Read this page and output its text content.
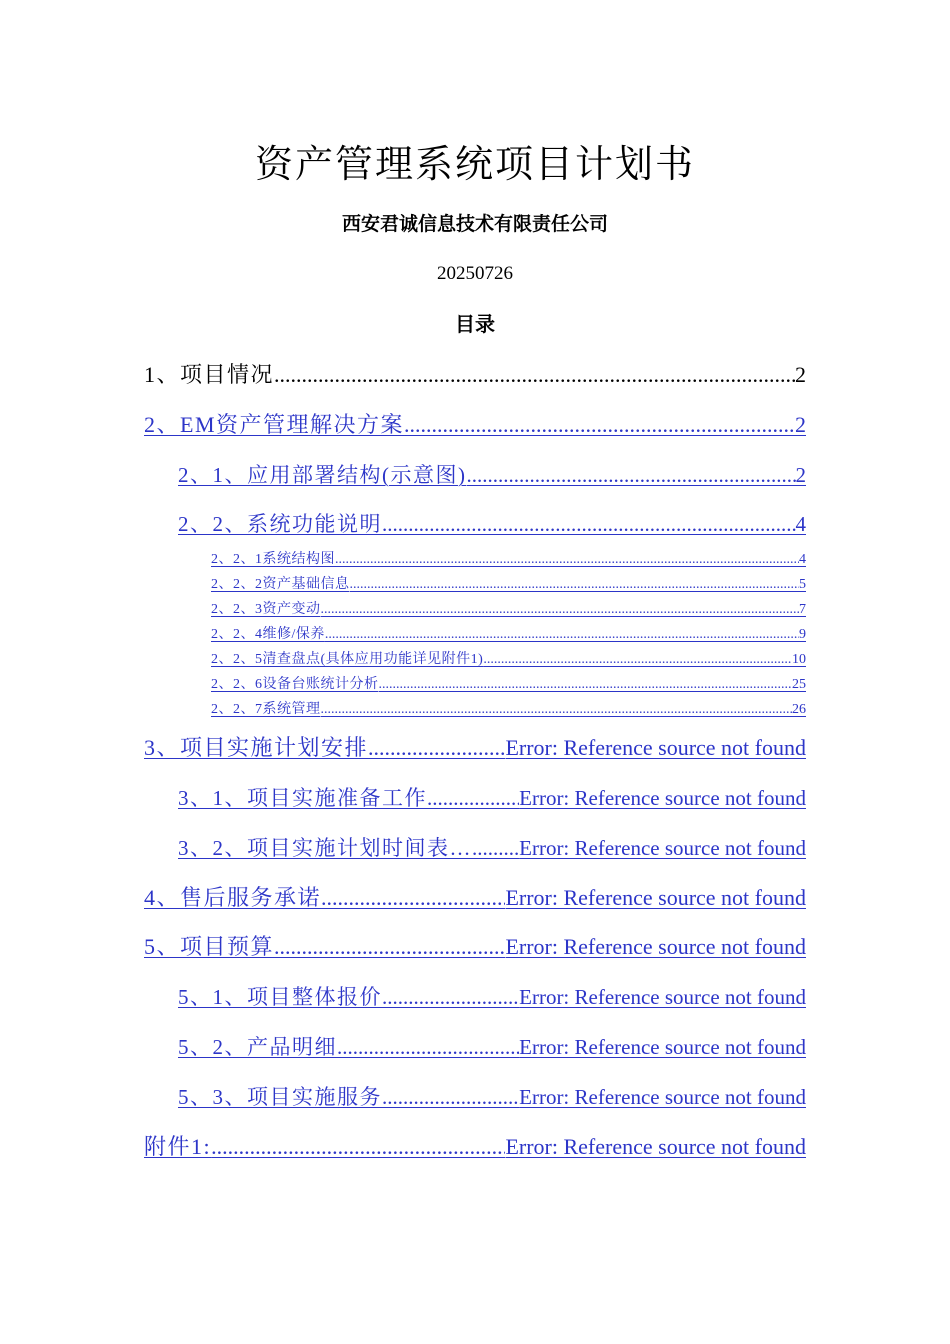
资产管理系统项目计划书
西安君诚信息技术有限责任公司
20250726
目录
1、项目情况 .....	2
2、EM资产管理解决方案 .....	2
2、1、应用部署结构(示意图) .....	2
2、2、系统功能说明 .....	4
2、2、1系统结构图 .....	4
2、2、2资产基础信息 .....	5
2、2、3资产变动 .....	7
2、2、4维修/保养 .....	9
2、2、5清查盘点(具体应用功能详见附件1) .....	10
2、2、6设备台账统计分析 .....	25
2、2、7系统管理 .....	26
3、项目实施计划安排 .....	Error: Reference source not found
3、1、项目实施准备工作 .....	Error: Reference source not found
3、2、项目实施计划时间表… ..... Error: Reference source not found
4、售后服务承诺 .....	Error: Reference source not found
5、项目预算 .....	Error: Reference source not found
5、1、项目整体报价 .....	Error: Reference source not found
5、2、产品明细 .....	Error: Reference source not found
5、3、项目实施服务 .....	Error: Reference source not found
附件1: .....	Error: Reference source not found
